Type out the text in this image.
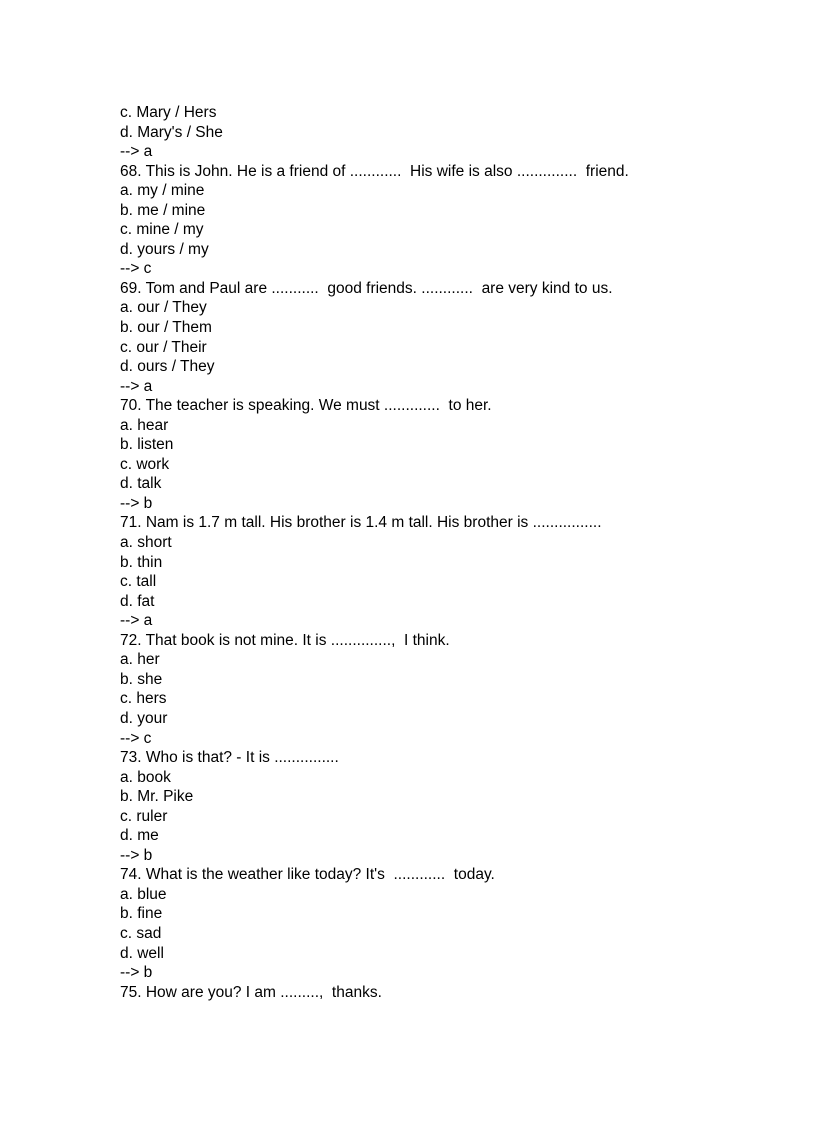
c. Mary / Hers
d. Mary's / She
--> a
68. This is John. He is a friend of ............  His wife is also ..............  friend.
a. my / mine
b. me / mine
c. mine / my
d. yours / my
--> c
69. Tom and Paul are ...........  good friends. ............  are very kind to us.
a. our / They
b. our / Them
c. our / Their
d. ours / They
--> a
70. The teacher is speaking. We must .............  to her.
a. hear
b. listen
c. work
d. talk
--> b
71. Nam is 1.7 m tall. His brother is 1.4 m tall. His brother is ................
a. short
b. thin
c. tall
d. fat
--> a
72. That book is not mine. It is ..............,  I think.
a. her
b. she
c. hers
d. your
--> c
73. Who is that? - It is ...............
a. book
b. Mr. Pike
c. ruler
d. me
--> b
74. What is the weather like today? It's  ............  today.
a. blue
b. fine
c. sad
d. well
--> b
75. How are you? I am .........,  thanks.
